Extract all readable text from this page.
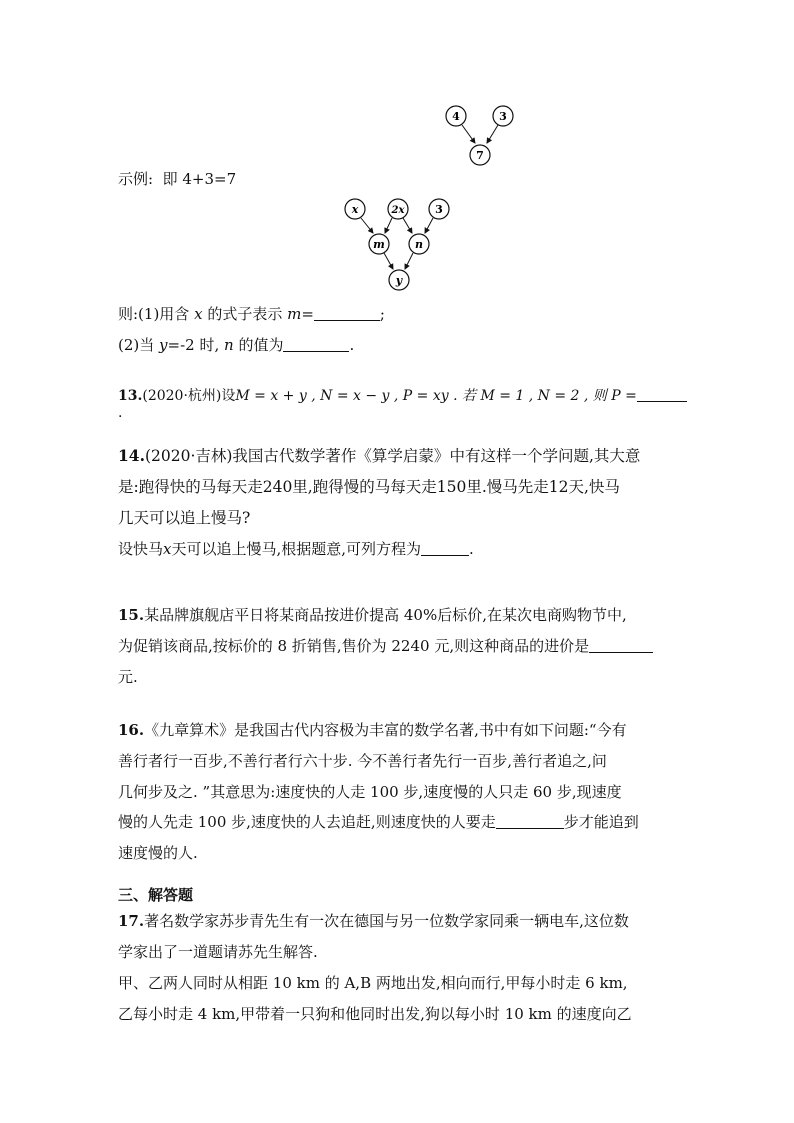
4	3
7
示例: 即 4+3=7
x	2x	3
m	n
y
则:(1)用含 x 的式子表示 m=	;
(2)当 y=-2 时, n 的值为	.
13.(2020·杭州)设M = x + y , N = x − y , P = xy . 若 M = 1 , N = 2 , 则 P =
.
14.(2020·吉林)我国古代数学著作《算学启蒙》中有这样一个学问题,其大意
是:跑得快的马每天走240里,跑得慢的马每天走150里.慢马先走12天,快马
几天可以追上慢马?
设快马x天可以追上慢马,根据题意,可列方程为	.
15.某品牌旗舰店平日将某商品按进价提高 40%后标价,在某次电商购物节中,
为促销该商品,按标价的 8 折销售,售价为 2240 元,则这种商品的进价是
元.
16.《九章算术》是我国古代内容极为丰富的数学名著,书中有如下问题:“今有
善行者行一百步,不善行者行六十步. 今不善行者先行一百步,善行者追之,问
几何步及之. ”其意思为:速度快的人走 100 步,速度慢的人只走 60 步,现速度
慢的人先走 100 步,速度快的人去追赶,则速度快的人要走	步才能追到
速度慢的人.
三、解答题
17.著名数学家苏步青先生有一次在德国与另一位数学家同乘一辆电车,这位数
学家出了一道题请苏先生解答.
甲、乙两人同时从相距 10 km 的 A,B 两地出发,相向而行,甲每小时走 6 km,
乙每小时走 4 km,甲带着一只狗和他同时出发,狗以每小时 10 km 的速度向乙
